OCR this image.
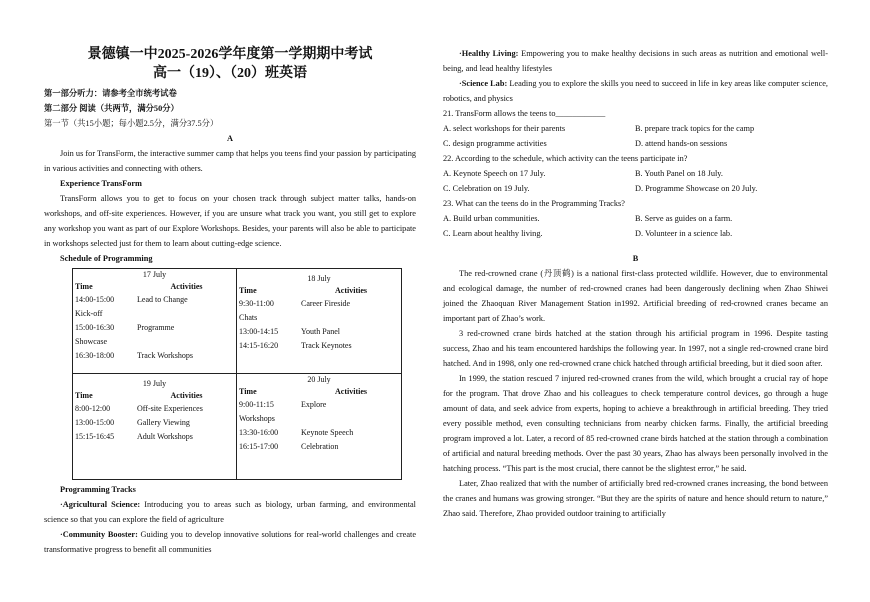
景德镇一中2025-2026学年度第一学期期中考试

高一（19）、（20）班英语

第一部分听力：请参考全市统考试卷

第二部分 阅读（共两节，满分50分）

第一节（共15小题；每小题2.5分，满分37.5分）

A

Join us for TransForm, the interactive summer camp that helps you teens find your passion by participating in various activities and connecting with others.

Experience TransForm

TransForm allows you to get to focus on your chosen track through subject matter talks, hands-on workshops, and off-site experiences. However, if you are unsure what track you want, you still get to explore any workshop you want as part of our Explore Workshops. Besides, your parents will also be able to participate in workshops selected just for them to learn about cutting-edge science.

Schedule of Programming

17 July
Time	Activities
14:00-15:00	Lead to Change
Kick-off
15:00-16:30	Programme
Showcase
16:30-18:00	Track Workshops
18 July
Time	Activities
9:30-11:00	Career Fireside
Chats
13:00-14:15	Youth Panel
14:15-16:20	Track Keynotes
19 July
Time	Activities
8:00-12:00	Off-site Experiences
13:00-15:00	Gallery Viewing
15:15-16:45	Adult Workshops
20 July
Time	Activities
9:00-11:15	Explore
Workshops
13:30-16:00	Keynote Speech
16:15-17:00	Celebration

Programming Tracks

·Agricultural Science: Introducing you to areas such as biology, urban farming, and environmental science so that you can explore the field of agriculture

·Community Booster: Guiding you to develop innovative solutions for real-world challenges and create transformative progress to benefit all communities

·Healthy Living: Empowering you to make healthy decisions in such areas as nutrition and emotional well-being, and lead healthy lifestyles

·Science Lab: Leading you to explore the skills you need to succeed in life in key areas like computer science, robotics, and physics

21. TransForm allows the teens to____________

A. select workshops for their parents	B. prepare track topics for the camp
C. design programme activities	D. attend hands-on sessions

22. According to the schedule, which activity can the teens participate in?

A. Keynote Speech on 17 July.	B. Youth Panel on 18 July.
C. Celebration on 19 July.	D. Programme Showcase on 20 July.

23. What can the teens do in the Programming Tracks?

A. Build urban communities.	B. Serve as guides on a farm.
C. Learn about healthy living.	D. Volunteer in a science lab.

B

The red-crowned crane (丹顶鹤) is a national first-class protected wildlife. However, due to environmental and ecological damage, the number of red-crowned cranes had been dangerously declining when Zhao Shiwei joined the Zhaoquan River Management Station in1992. Artificial breeding of red-crowned cranes became an important part of Zhao’s work.

3 red-crowned crane birds hatched at the station through his artificial program in 1996. Despite tasting success, Zhao and his team encountered hardships the following year. In 1997, not a single red-crowned crane bird hatched. And in 1998, only one red-crowned crane chick hatched through artificial breeding, but it died soon after.

In 1999, the station rescued 7 injured red-crowned cranes from the wild, which brought a crucial ray of hope for the program. That drove Zhao and his colleagues to check temperature control devices, go through a huge amount of data, and seek advice from experts, hoping to achieve a breakthrough in artificial breeding. They tried every possible method, even consulting technicians from nearby chicken farms. Finally, the artificial breeding program improved a lot. Later, a record of 85 red-crowned crane birds hatched at the station through a combination of artificial and natural breeding methods. Over the past 30 years, Zhao has always been personally involved in the hatching process. “This part is the most crucial, there cannot be the slightest error,” he said.

Later, Zhao realized that with the number of artificially bred red-crowned cranes increasing, the bond between the cranes and humans was growing stronger. “But they are the spirits of nature and hence should return to nature,” Zhao said. Therefore, Zhao provided outdoor training to artificially
